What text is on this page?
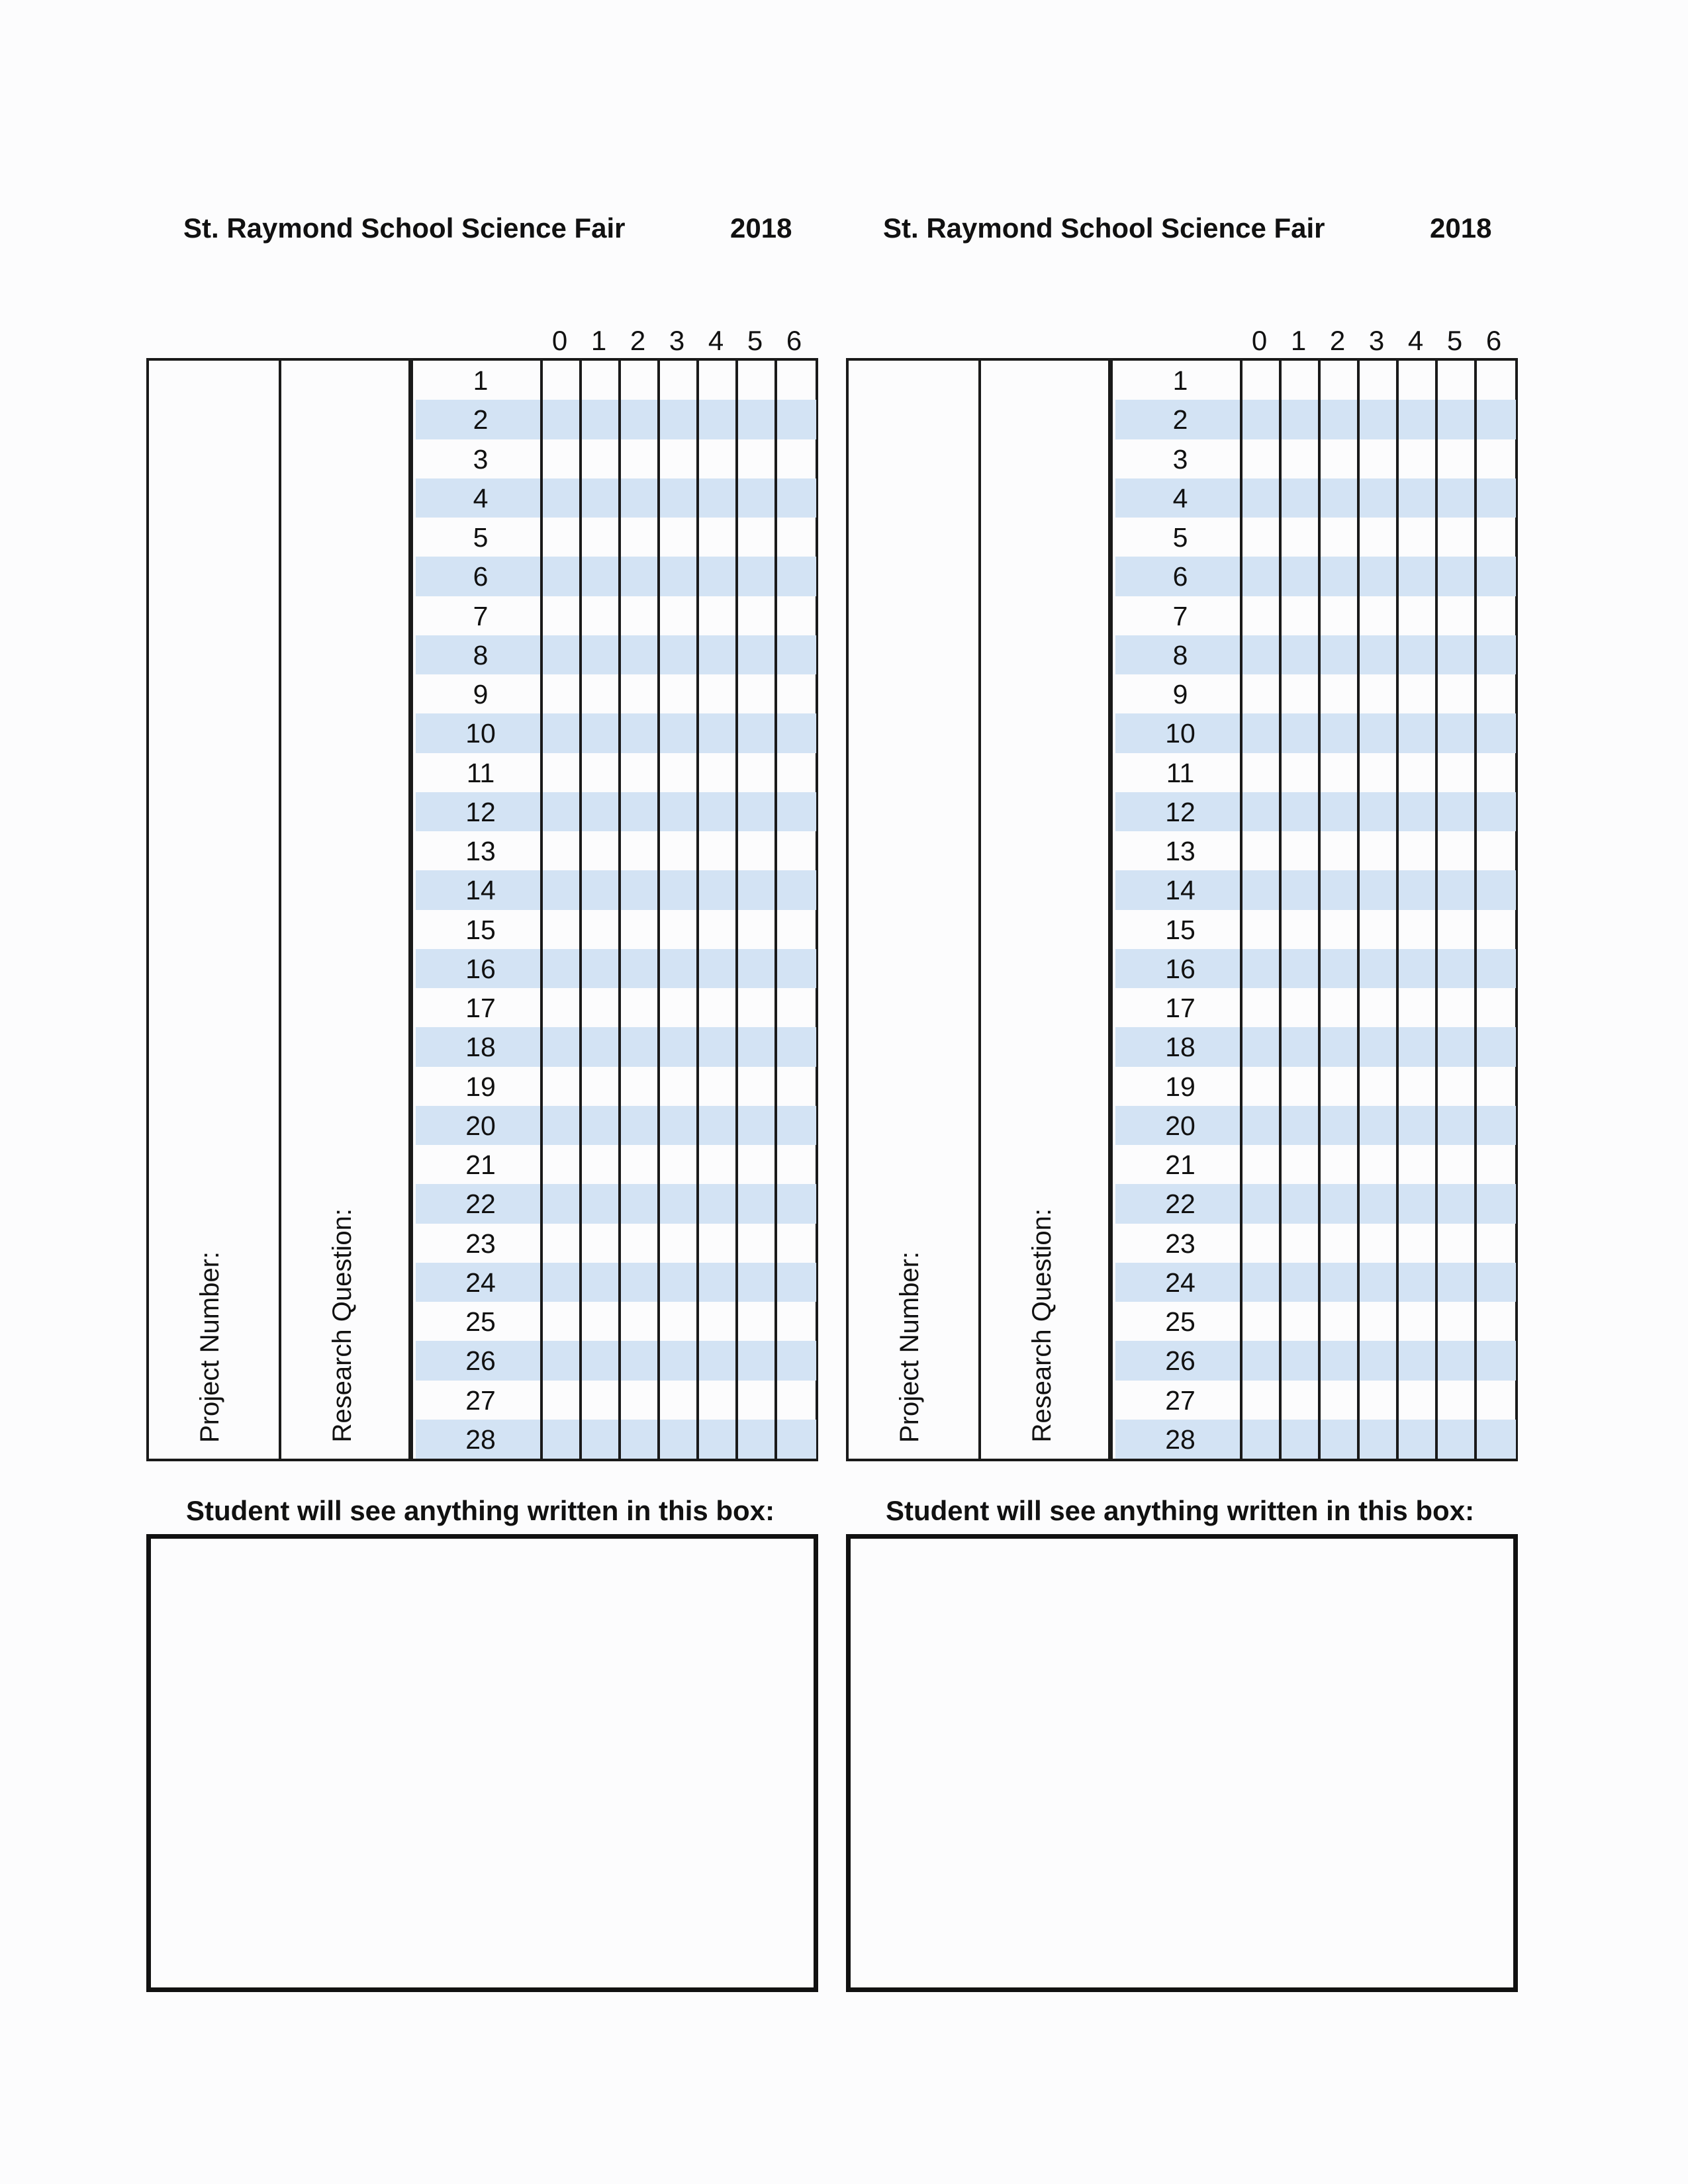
St. Raymond School Science Fair	2018
0 1 2 3 4 5 6
Project Number:	Research Question:
1
2
3
4
5
6
7
8
9
10
11
12
13
14
15
16
17
18
19
20
21
22
23
24
25
26
27
28
Student will see anything written in this box:
St. Raymond School Science Fair	2018
0 1 2 3 4 5 6
Project Number:	Research Question:
1
2
3
4
5
6
7
8
9
10
11
12
13
14
15
16
17
18
19
20
21
22
23
24
25
26
27
28
Student will see anything written in this box:
